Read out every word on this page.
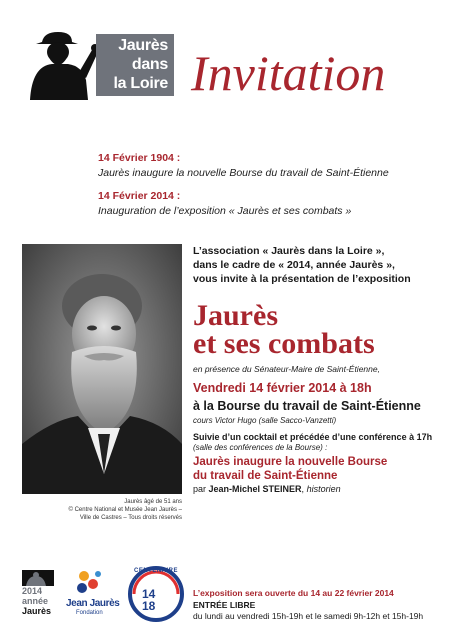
Jaurès
dans
la Loire Invitation
14 Février 1904 :
Jaurès inaugure la nouvelle Bourse du travail de Saint-Étienne
14 Février 2014 :
Inauguration de l’exposition « Jaurès et ses combats »
Jaurès âgé de 51 ans
© Centre National et Musée Jean Jaurès –
Ville de Castres – Tous droits réservés
L’association « Jaurès dans la Loire »,
dans le cadre de « 2014, année Jaurès »,
vous invite à la présentation de l’exposition
Jaurès
et ses combats
en présence du Sénateur-Maire de Saint-Étienne,
Vendredi 14 février 2014 à 18h
à la Bourse du travail de Saint-Étienne
cours Victor Hugo (salle Sacco-Vanzetti)
Suivie d’un cocktail et précédée d’une conférence à 17h
(salle des conférences de la Bourse) :
Jaurès inaugure la nouvelle Bourse
du travail de Saint-Étienne
par Jean-Michel STEINER, historien
2014
année
Jaurès
Jean Jaurès
Fondation
CENTENAIRE
14 18
L’exposition sera ouverte du 14 au 22 février 2014
ENTRÉE LIBRE
du lundi au vendredi 15h-19h et le samedi 9h-12h et 15h-19h
